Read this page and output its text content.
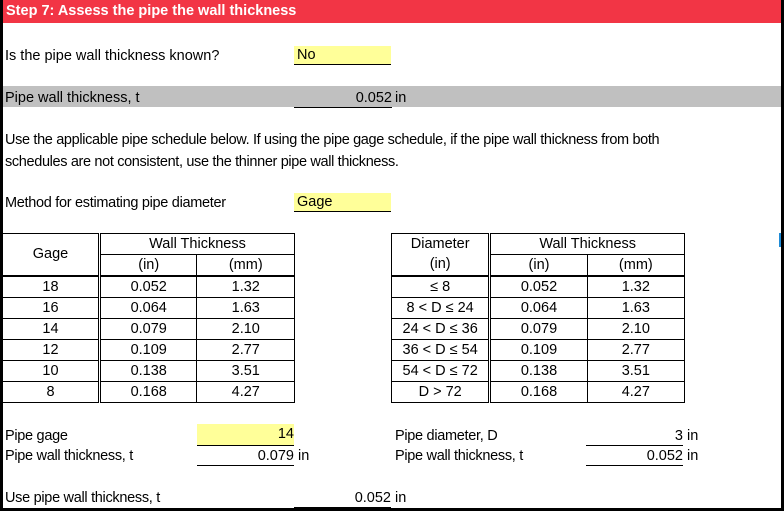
Step 7: Assess the pipe the wall thickness
Is the pipe wall thickness known?	No
Pipe wall thickness, t	0.052 in
Use the applicable pipe schedule below. If using the pipe gage schedule, if the pipe wall thickness from both
schedules are not consistent, use the thinner pipe wall thickness.
Method for estimating pipe diameter	Gage
Gage	Wall Thickness	
	(in)	(mm)
18	0.052	1.32
16	0.064	1.63
14	0.079	2.10
12	0.109	2.77
10	0.138	3.51
8	0.168	4.27
Diameter	Wall Thickness	
(in)	(in)	(mm)
≤ 8	0.052	1.32
8 < D ≤ 24	0.064	1.63
24 < D ≤ 36	0.079	2.10
36 < D ≤ 54	0.109	2.77
54 < D ≤ 72	0.138	3.51
D > 72	0.168	4.27
Pipe gage	14
Pipe wall thickness, t	0.079 in
Pipe diameter, D	3 in
Pipe wall thickness, t	0.052 in
Use pipe wall thickness, t	0.052 in
